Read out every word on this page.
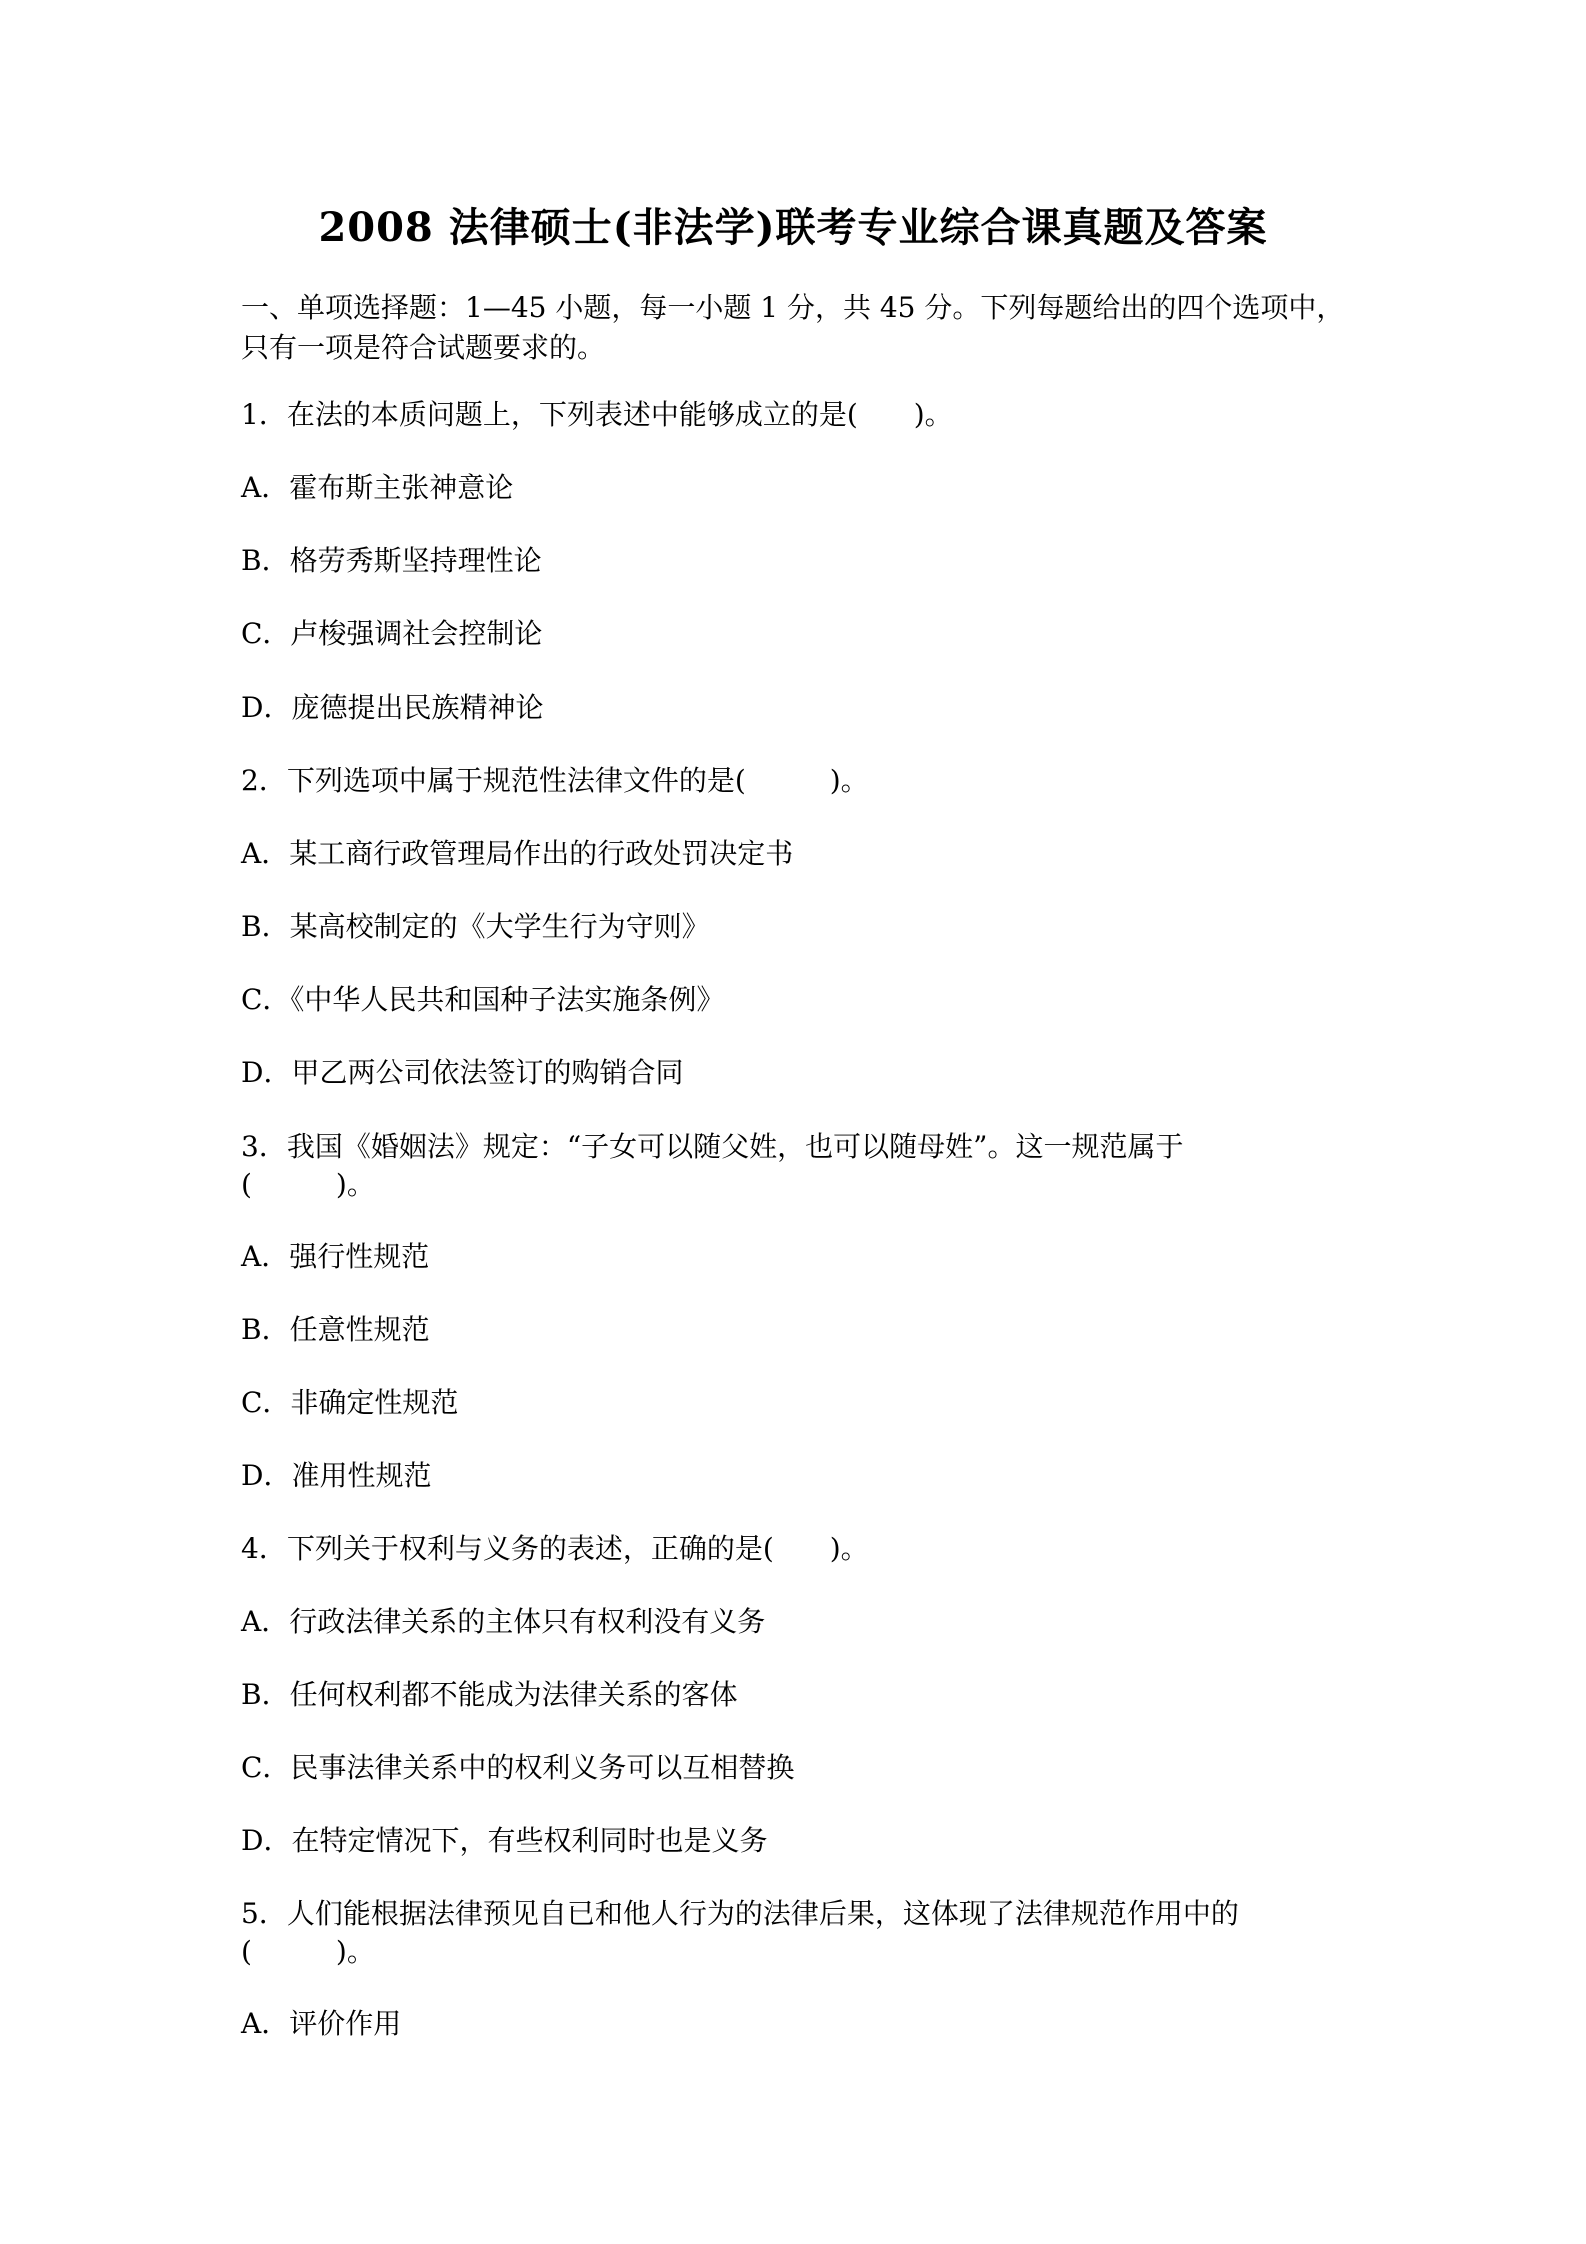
2008 法律硕士(非法学)联考专业综合课真题及答案
一、单项选择题：1—45 小题，每一小题 1 分，共 45 分。下列每题给出的四个选项中，只有一项是符合试题要求的。
1．在法的本质问题上，下列表述中能够成立的是(　　)。
A．霍布斯主张神意论
B．格劳秀斯坚持理性论
C．卢梭强调社会控制论
D．庞德提出民族精神论
2．下列选项中属于规范性法律文件的是(　　　)。
A．某工商行政管理局作出的行政处罚决定书
B．某高校制定的《大学生行为守则》
C．《中华人民共和国种子法实施条例》
D．甲乙两公司依法签订的购销合同
3．我国《婚姻法》规定：“子女可以随父姓，也可以随母姓”。这一规范属于
(　　　)。
A．强行性规范
B．任意性规范
C．非确定性规范
D．准用性规范
4．下列关于权利与义务的表述，正确的是(　　)。
A．行政法律关系的主体只有权利没有义务
B．任何权利都不能成为法律关系的客体
C．民事法律关系中的权利义务可以互相替换
D．在特定情况下，有些权利同时也是义务
5．人们能根据法律预见自已和他人行为的法律后果，这体现了法律规范作用中的
(　　　)。
A．评价作用
